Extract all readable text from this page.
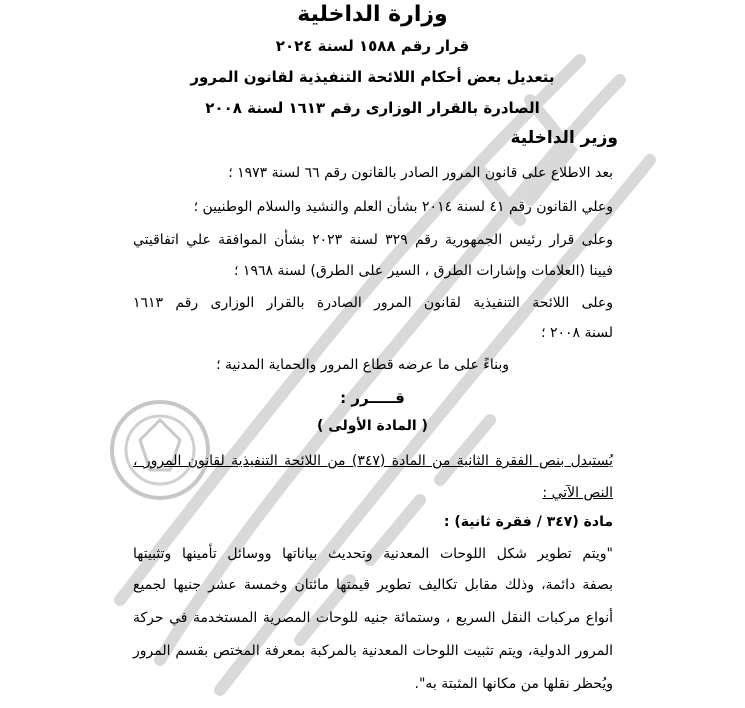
وزارة الداخلية
قرار رقم ١٥٨٨ لسنة ٢٠٢٤
بتعديل بعض أحكام اللائحة التنفيذية لقانون المرور
الصادرة بالقرار الوزارى رقم ١٦١٣ لسنة ٢٠٠٨
وزير الداخلية
بعد الاطلاع على قانون المرور الصادر بالقانون رقم ٦٦ لسنة ١٩٧٣ ؛
وعلي القانون رقم ٤١ لسنة ٢٠١٤ بشأن العلم والنشيد والسلام الوطنيين ؛
وعلى قرار رئيس الجمهورية رقم ٣٢٩ لسنة ٢٠٢٣ بشأن الموافقة علي اتفاقيتي
فيينا (العلامات وإشارات الطرق ، السير على الطرق) لسنة ١٩٦٨ ؛
وعلى اللائحة التنفيذية لقانون المرور الصادرة بالقرار الوزارى رقم ١٦١٣
لسنة ٢٠٠٨ ؛
وبناءً على ما عرضه قطاع المرور والحماية المدنية ؛
قـــــرر :
( المادة الأولى )
يُستبدل بنص الفقرة الثانية من المادة (٣٤٧) من اللائحة التنفيذية لقانون المرور ،
النص الآتي :
مادة (٣٤٧ / فقرة ثانية) :
"ويتم تطوير شكل اللوحات المعدنية وتحديث بياناتها ووسائل تأمينها وتثبيتها
بصفة دائمة، وذلك مقابل تكاليف تطوير قيمتها مائتان وخمسة عشر جنيها لجميع
أنواع مركبات النقل السريع ، وستمائة جنيه للوحات المصرية المستخدمة في حركة
المرور الدولية، ويتم تثبيت اللوحات المعدنية بالمركبة بمعرفة المختص بقسم المرور
ويُحظر نقلها من مكانها المثبتة به".
